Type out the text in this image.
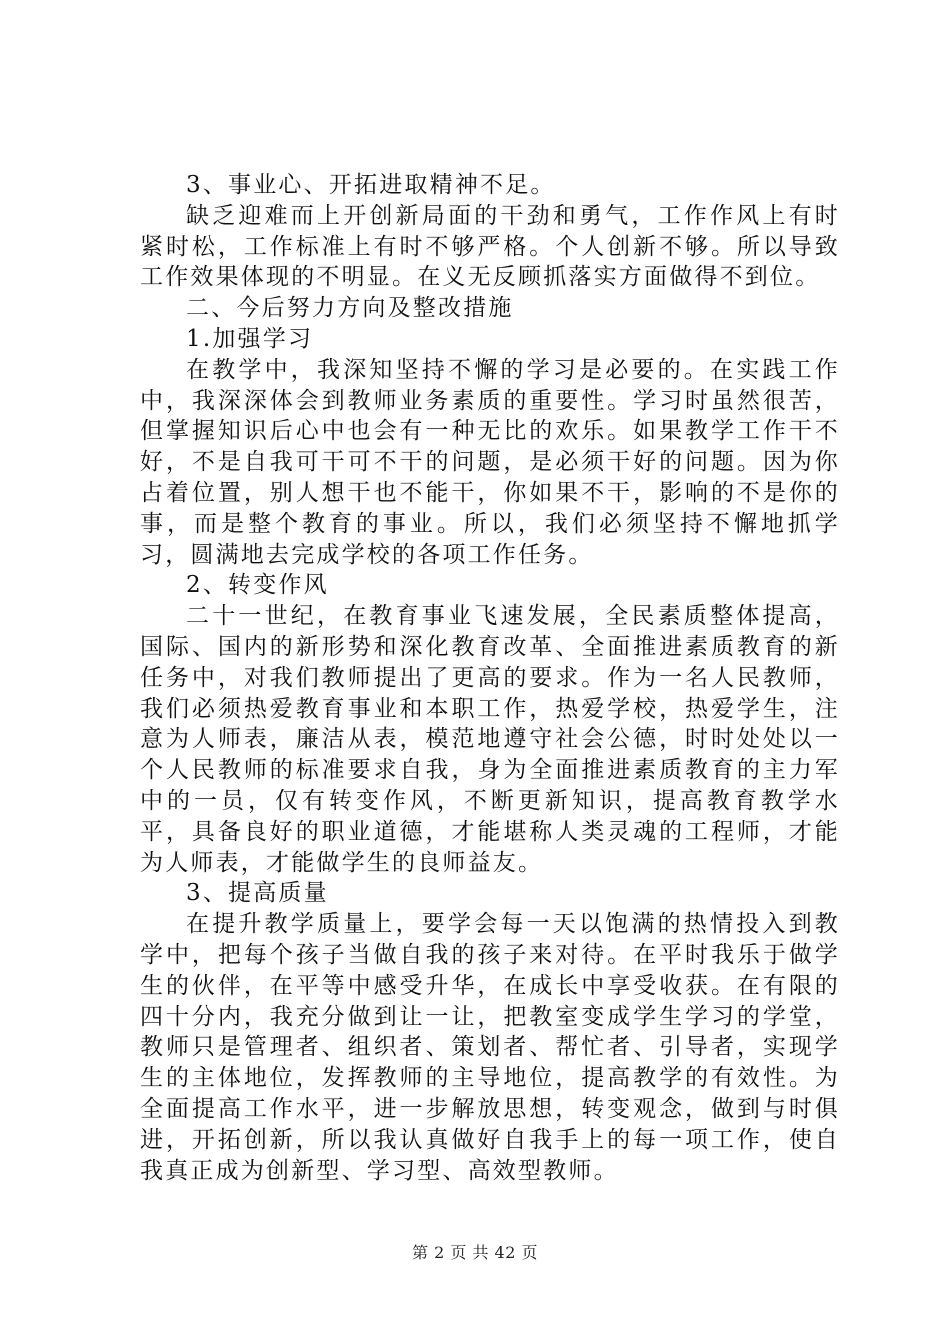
3、事业心、开拓进取精神不足。

缺乏迎难而上开创新局面的干劲和勇气，工作作风上有时紧时松，工作标准上有时不够严格。个人创新不够。所以导致工作效果体现的不明显。在义无反顾抓落实方面做得不到位。

二、今后努力方向及整改措施

1.加强学习

在教学中，我深知坚持不懈的学习是必要的。在实践工作中，我深深体会到教师业务素质的重要性。学习时虽然很苦，但掌握知识后心中也会有一种无比的欢乐。如果教学工作干不好，不是自我可干可不干的问题，是必须干好的问题。因为你占着位置，别人想干也不能干，你如果不干，影响的不是你的事，而是整个教育的事业。所以，我们必须坚持不懈地抓学习，圆满地去完成学校的各项工作任务。

2、转变作风

二十一世纪，在教育事业飞速发展，全民素质整体提高，国际、国内的新形势和深化教育改革、全面推进素质教育的新任务中，对我们教师提出了更高的要求。作为一名人民教师，我们必须热爱教育事业和本职工作，热爱学校，热爱学生，注意为人师表，廉洁从表，模范地遵守社会公德，时时处处以一个人民教师的标准要求自我，身为全面推进素质教育的主力军中的一员，仅有转变作风，不断更新知识，提高教育教学水平，具备良好的职业道德，才能堪称人类灵魂的工程师，才能为人师表，才能做学生的良师益友。

3、提高质量

在提升教学质量上，要学会每一天以饱满的热情投入到教学中，把每个孩子当做自我的孩子来对待。在平时我乐于做学生的伙伴，在平等中感受升华，在成长中享受收获。在有限的四十分内，我充分做到让一让，把教室变成学生学习的学堂，教师只是管理者、组织者、策划者、帮忙者、引导者，实现学生的主体地位，发挥教师的主导地位，提高教学的有效性。为全面提高工作水平，进一步解放思想，转变观念，做到与时俱进，开拓创新，所以我认真做好自我手上的每一项工作，使自我真正成为创新型、学习型、高效型教师。

第 2 页 共 42 页
